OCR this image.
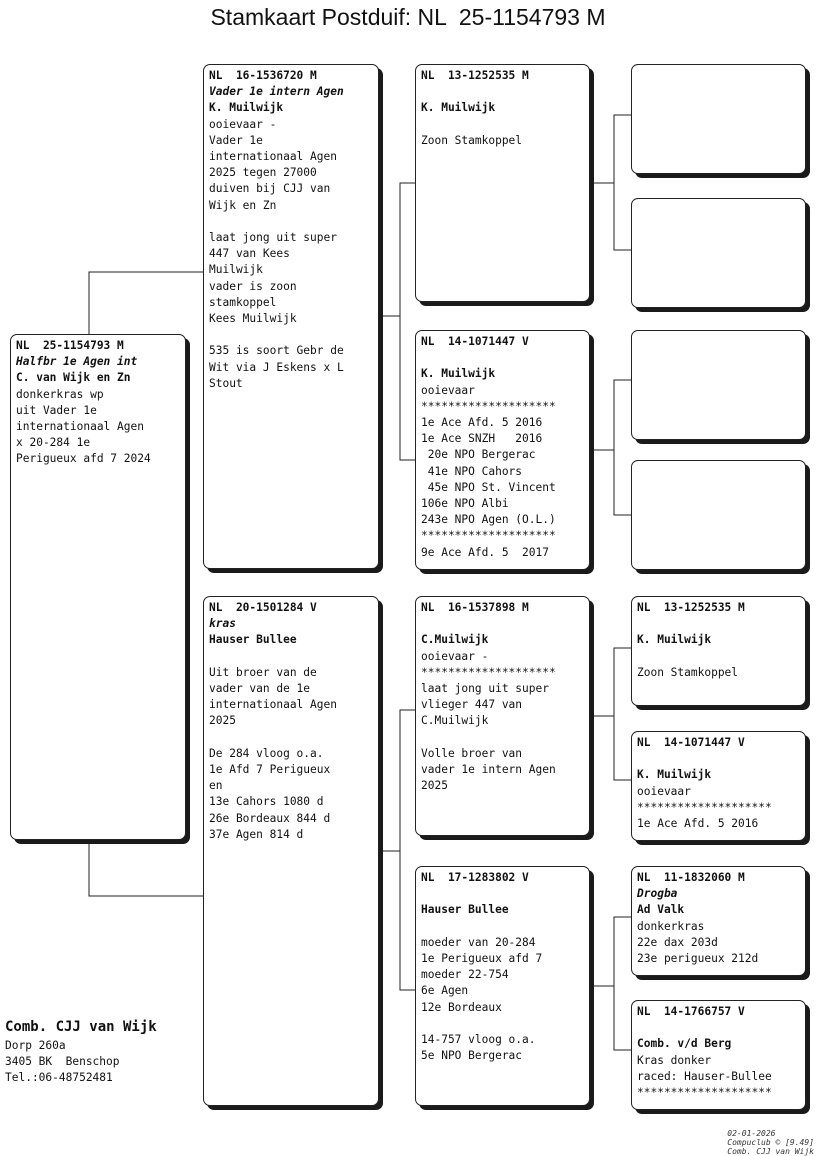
Stamkaart Postduif: NL  25-1154793 M
NL  25-1154793 M
Halfbr 1e Agen int
C. van Wijk en Zn
donkerkras wp
uit Vader 1e
internationaal Agen
x 20-284 1e
Perigueux afd 7 2024
NL  16-1536720 M
Vader 1e intern Agen
K. Muilwijk
ooievaar -
Vader 1e
internationaal Agen
2025 tegen 27000
duiven bij CJJ van
Wijk en Zn
laat jong uit super
447 van Kees
Muilwijk
vader is zoon
stamkoppel
Kees Muilwijk
535 is soort Gebr de
Wit via J Eskens x L
Stout
NL  20-1501284 V
kras
Hauser Bullee
Uit broer van de
vader van de 1e
internationaal Agen
2025
De 284 vloog o.a.
1e Afd 7 Perigueux
en
13e Cahors 1080 d
26e Bordeaux 844 d
37e Agen 814 d
NL  13-1252535 M
K. Muilwijk
Zoon Stamkoppel
NL  14-1071447 V
K. Muilwijk
ooievaar
********************
1e Ace Afd. 5 2016
1e Ace SNZH   2016
20e NPO Bergerac
41e NPO Cahors
45e NPO St. Vincent
106e NPO Albi
243e NPO Agen (O.L.)
********************
9e Ace Afd. 5  2017
NL  16-1537898 M
C.Muilwijk
ooievaar -
********************
laat jong uit super
vlieger 447 van
C.Muilwijk
Volle broer van
vader 1e intern Agen
2025
NL  17-1283802 V
Hauser Bullee
moeder van 20-284
1e Perigueux afd 7
moeder 22-754
6e Agen
12e Bordeaux
14-757 vloog o.a.
5e NPO Bergerac
NL  13-1252535 M
K. Muilwijk
Zoon Stamkoppel
NL  14-1071447 V
K. Muilwijk
ooievaar
********************
1e Ace Afd. 5 2016
NL  11-1832060 M
Drogba
Ad Valk
donkerkras
22e dax 203d
23e perigueux 212d
NL  14-1766757 V
Comb. v/d Berg
Kras donker
raced: Hauser-Bullee
********************
Comb. CJJ van Wijk
Dorp 260a
3405 BK  Benschop
Tel.:06-48752481

02-01-2026
Compuclub © [9.49]
Comb. CJJ van Wijk
